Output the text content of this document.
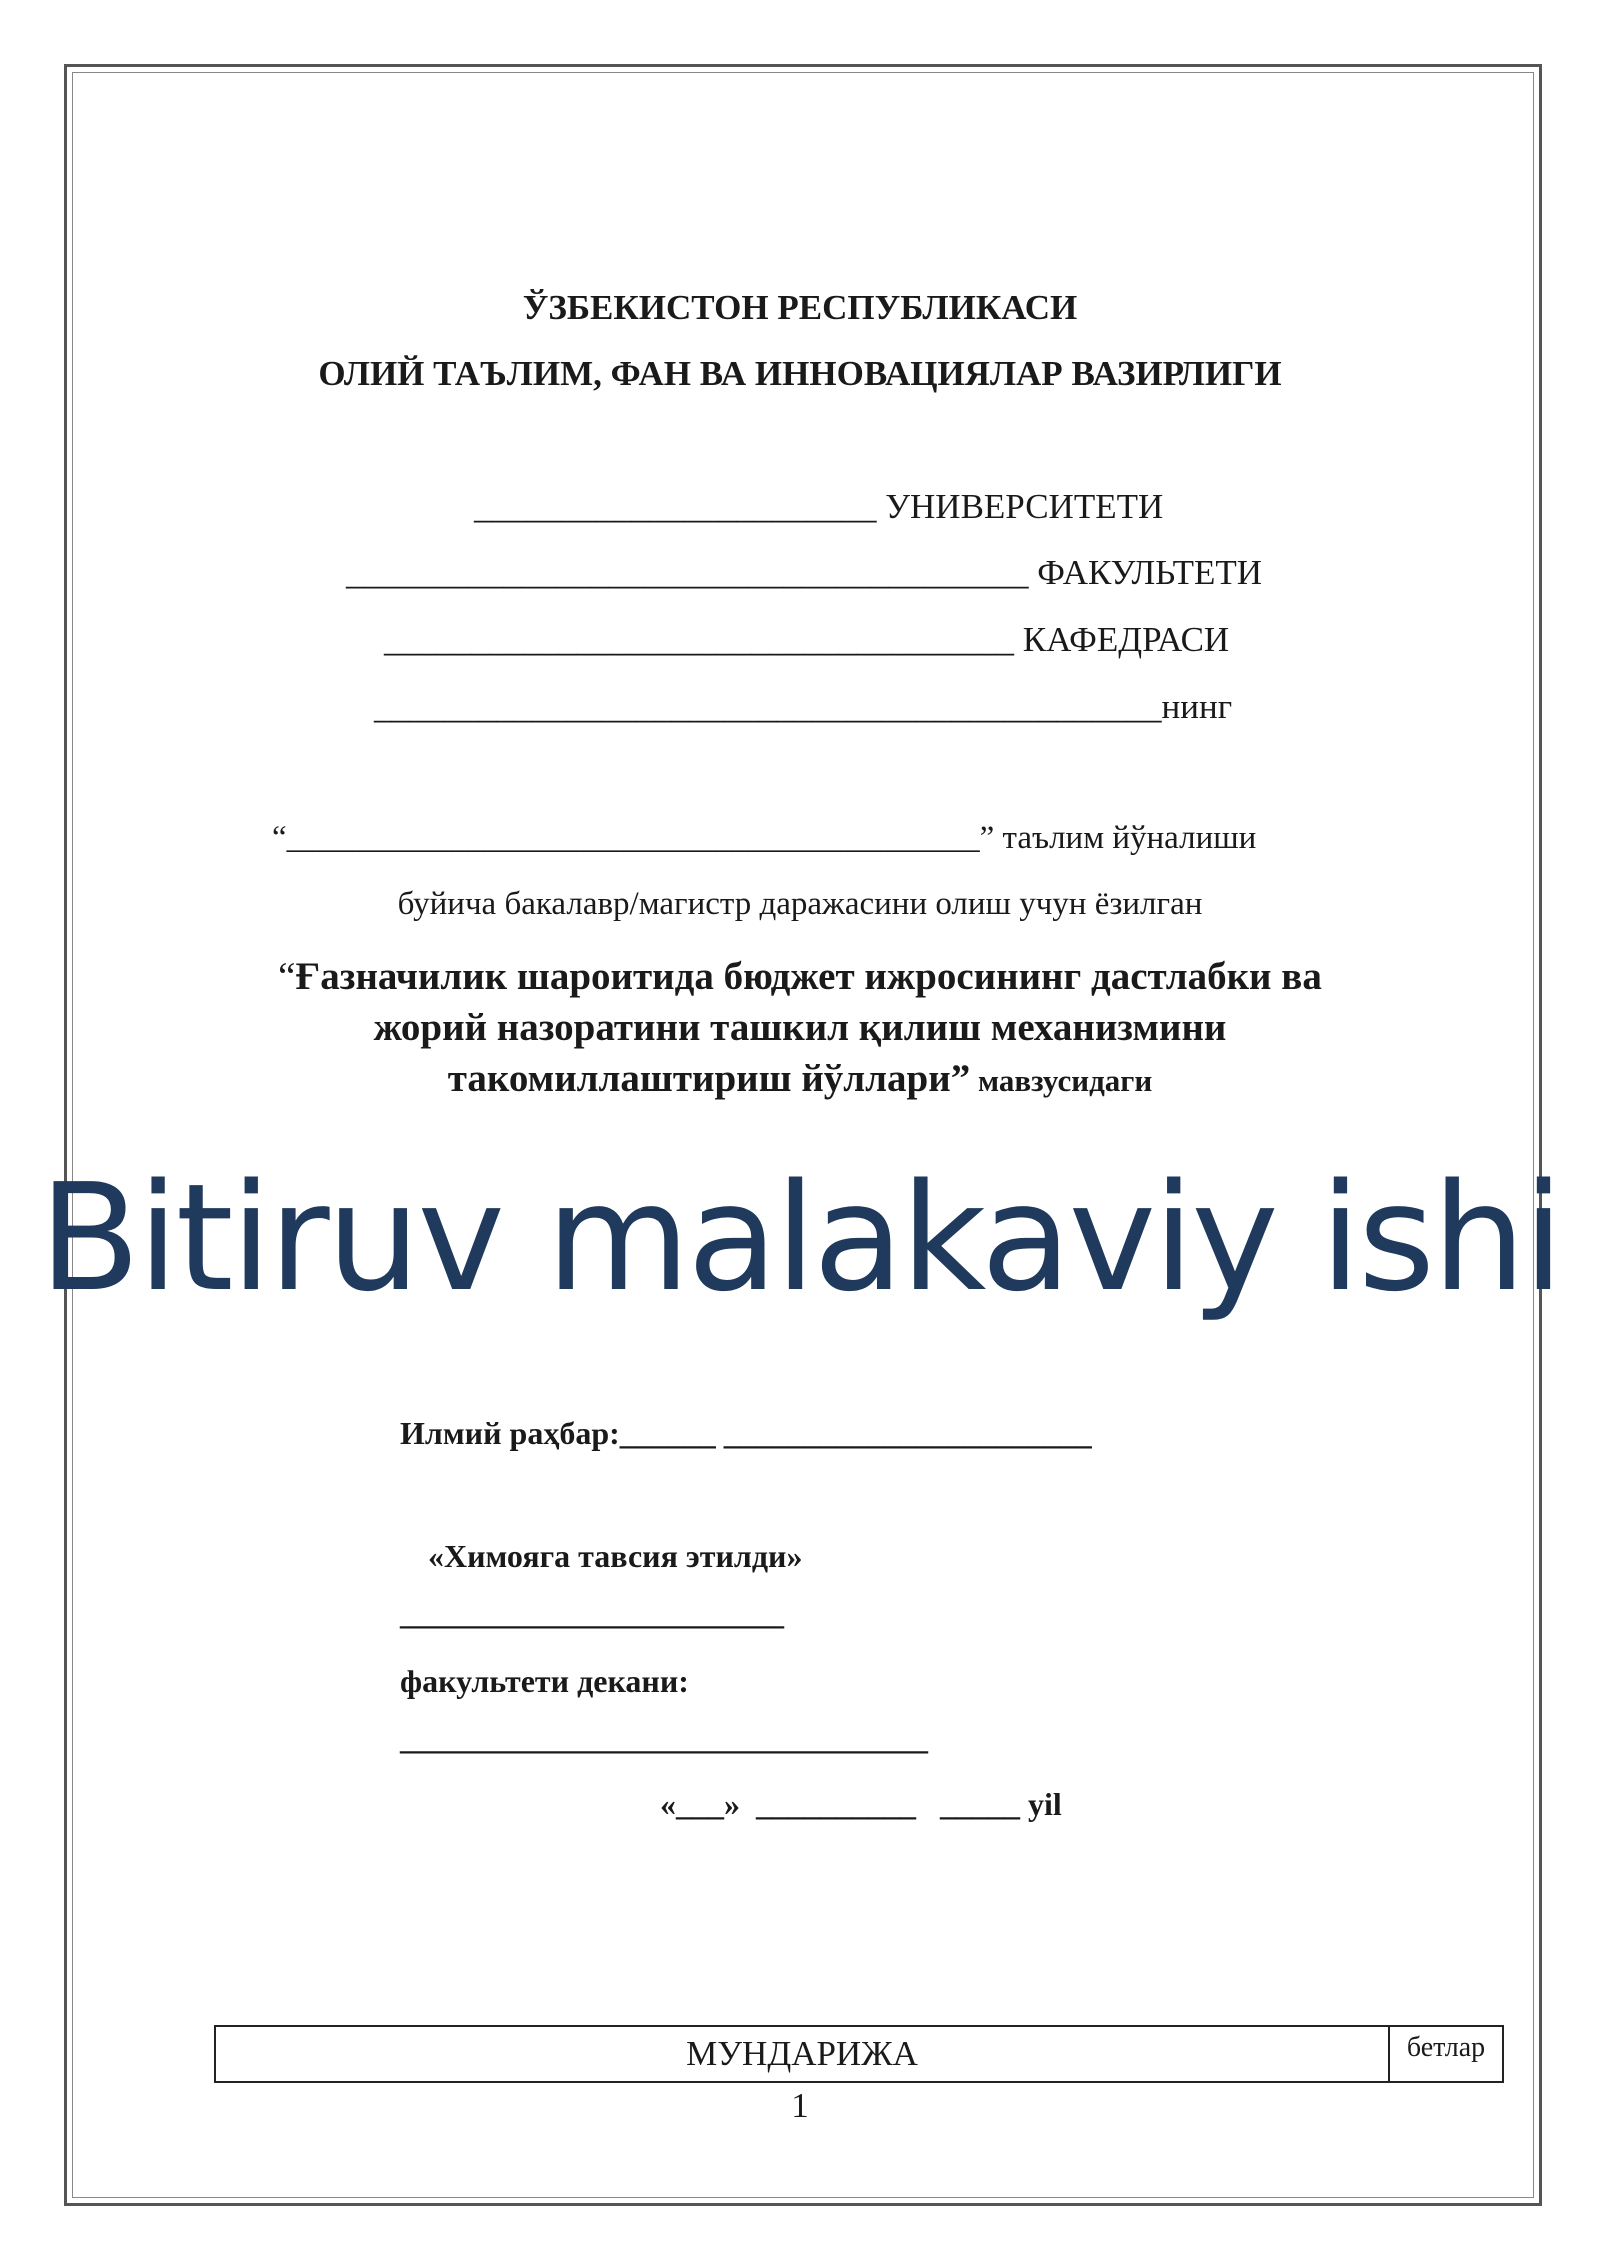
ЎЗБЕКИСТОН РЕСПУБЛИКАСИ
ОЛИЙ ТАЪЛИМ, ФАН ВА ИННОВАЦИЯЛАР ВАЗИРЛИГИ
_______________________ УНИВЕРСИТЕТИ
_______________________________________ ФАКУЛЬТЕТИ
____________________________________ КАФЕДРАСИ
_____________________________________________нинг
“__________________________________________” таълим йўналиши
буйича бакалавр/магистр даражасини олиш учун ёзилган
“Ғазначилик шароитида бюджет ижросининг дастлабки ва
жорий назоратини ташкил қилиш механизмини
такомиллаштириш йўллари” мавзусидаги
Bitiruv malakaviy ishi
Илмий раҳбар:______ _______________________
«Химояга тавсия этилди»
________________________
факультети декани:
_________________________________
«___»  __________   _____ yil
МУНДАРИЖА	бетлар
1
